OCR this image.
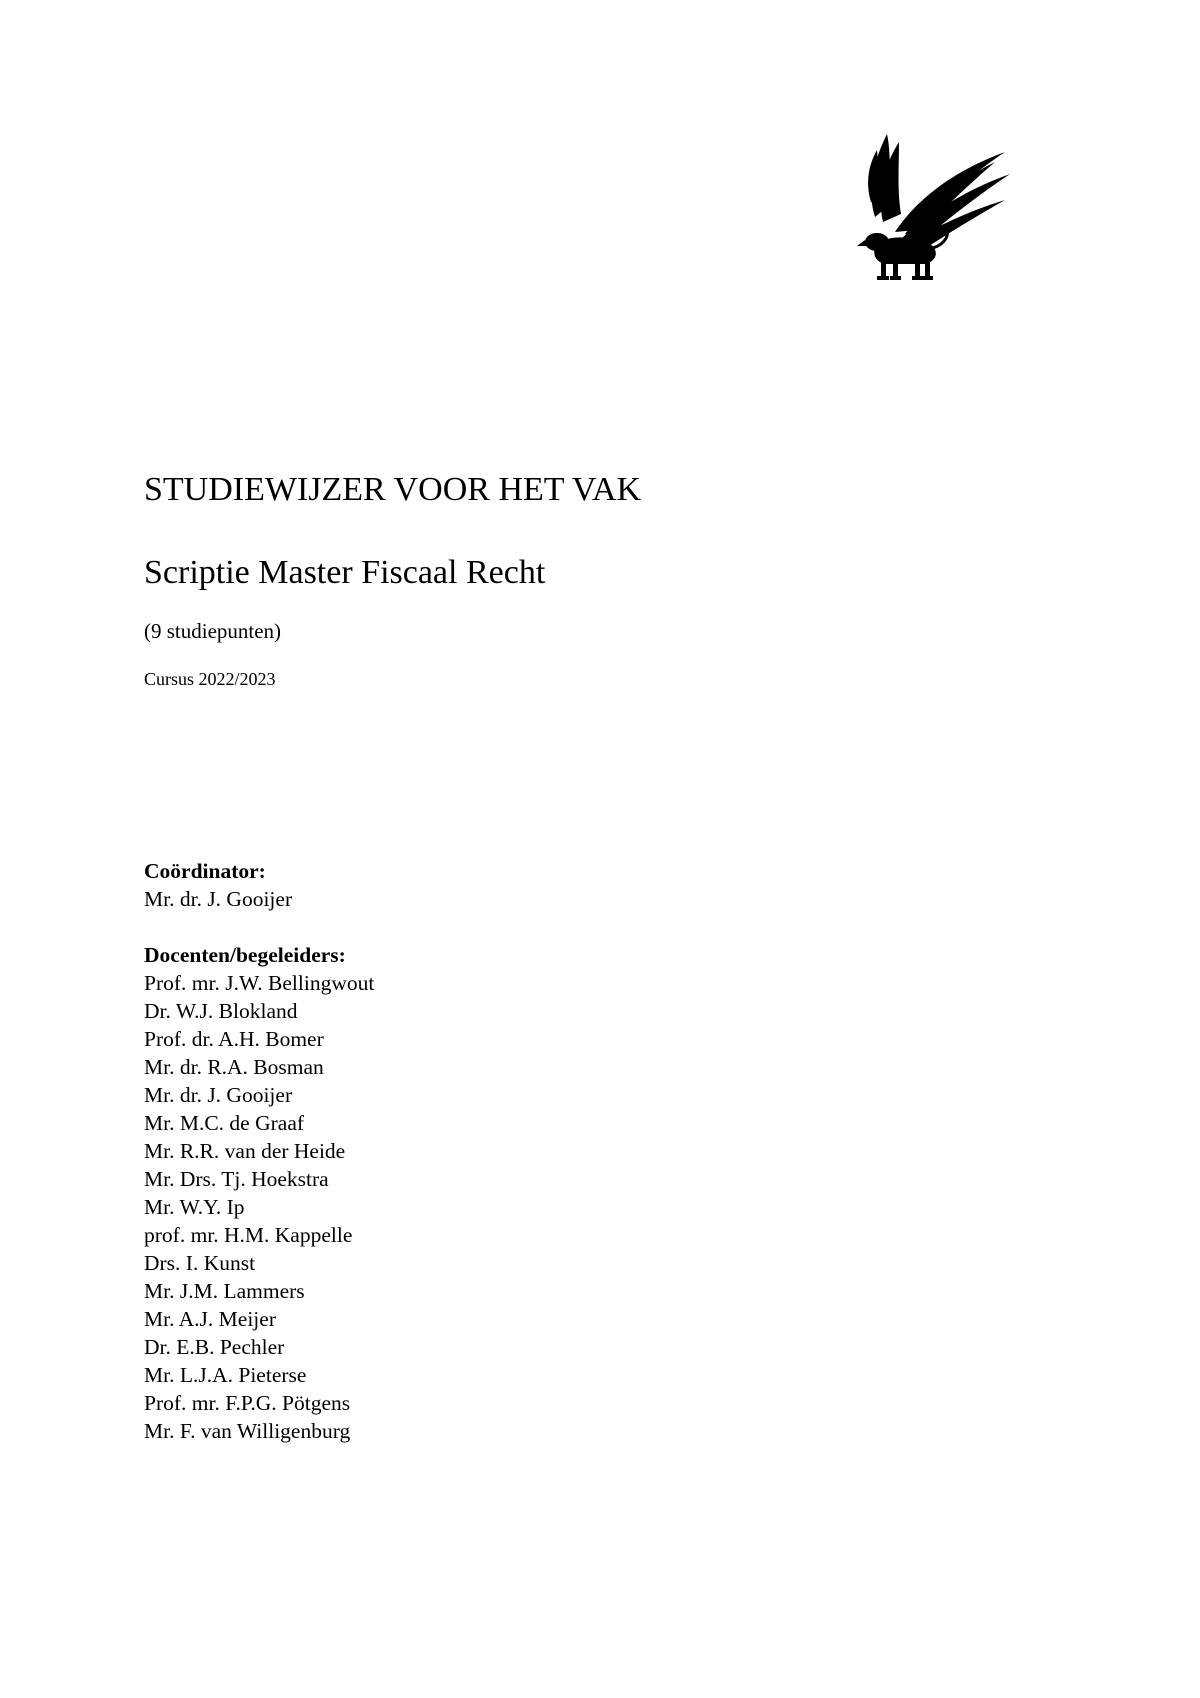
STUDIEWIJZER VOOR HET VAK
Scriptie Master Fiscaal Recht
(9 studiepunten)
Cursus 2022/2023
Coördinator:
Mr. dr. J. Gooijer
Docenten/begeleiders:
Prof. mr. J.W. Bellingwout
Dr. W.J. Blokland
Prof. dr. A.H. Bomer
Mr. dr. R.A. Bosman
Mr. dr. J. Gooijer
Mr. M.C. de Graaf
Mr. R.R. van der Heide
Mr. Drs. Tj. Hoekstra
Mr. W.Y. Ip
prof. mr. H.M. Kappelle
Drs. I. Kunst
Mr. J.M. Lammers
Mr. A.J. Meijer
Dr. E.B. Pechler
Mr. L.J.A. Pieterse
Prof. mr. F.P.G. Pötgens
Mr. F. van Willigenburg
